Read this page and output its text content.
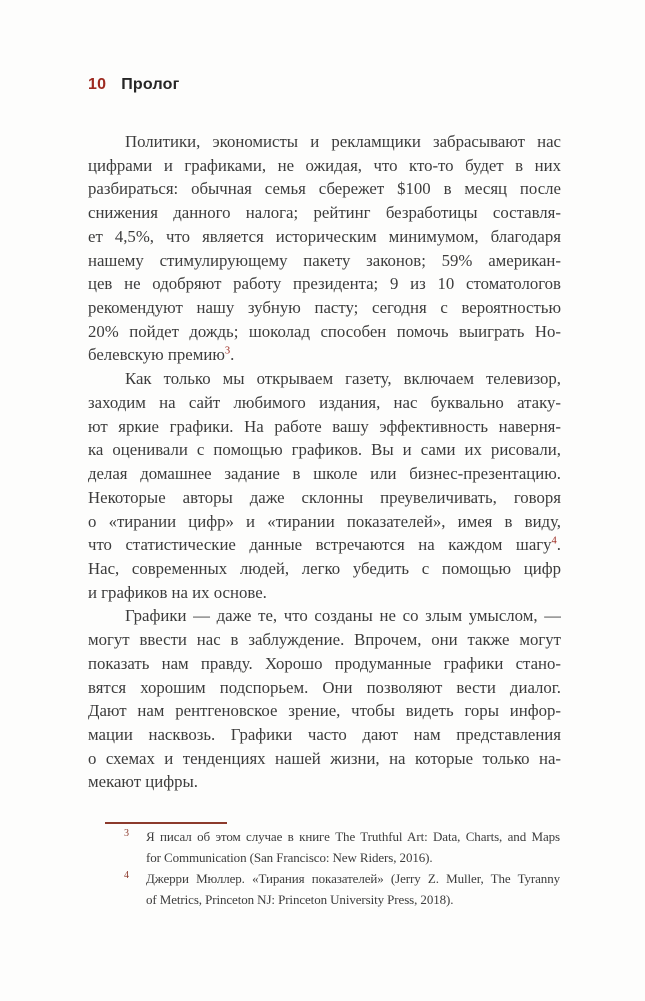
10 Пролог
Политики, экономисты и рекламщики забрасывают нас
цифрами и графиками, не ожидая, что кто-то будет в них
разбираться: обычная семья сбережет $100 в месяц после
снижения данного налога; рейтинг безработицы составля-
ет 4,5%, что является историческим минимумом, благодаря
нашему стимулирующему пакету законов; 59% американ-
цев не одобряют работу президента; 9 из 10 стоматологов
рекомендуют нашу зубную пасту; сегодня с вероятностью
20% пойдет дождь; шоколад способен помочь выиграть Но-
белевскую премию$^3$.
Как только мы открываем газету, включаем телевизор,
заходим на сайт любимого издания, нас буквально атаку-
ют яркие графики. На работе вашу эффективность наверня-
ка оценивали с помощью графиков. Вы и сами их рисовали,
делая домашнее задание в школе или бизнес-презентацию.
Некоторые авторы даже склонны преувеличивать, говоря
о «тирании цифр» и «тирании показателей», имея в виду,
что статистические данные встречаются на каждом шагу$^4$.
Нас, современных людей, легко убедить с помощью цифр
и графиков на их основе.
Графики — даже те, что созданы не со злым умыслом, —
могут ввести нас в заблуждение. Впрочем, они также могут
показать нам правду. Хорошо продуманные графики стано-
вятся хорошим подспорьем. Они позволяют вести диалог.
Дают нам рентгеновское зрение, чтобы видеть горы инфор-
мации насквозь. Графики часто дают нам представления
о схемах и тенденциях нашей жизни, на которые только на-
мекают цифры.
3 Я писал об этом случае в книге The Truthful Art: Data, Charts, and Maps
for Communication (San Francisco: New Riders, 2016).
4 Джерри Мюллер. «Тирания показателей» (Jerry Z. Muller, The Tyranny
of Metrics, Princeton NJ: Princeton University Press, 2018).
